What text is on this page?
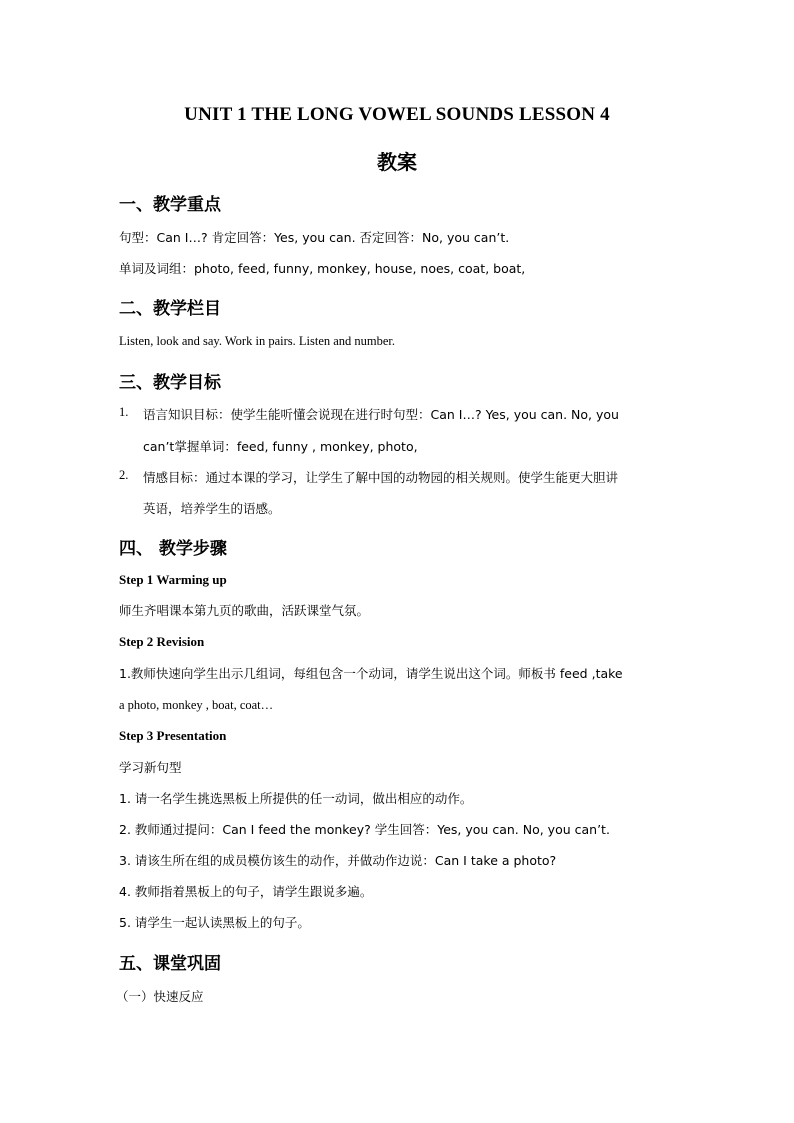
UNIT 1 THE LONG VOWEL SOUNDS LESSON 4
教案
一、教学重点
句型：Can I…? 肯定回答：Yes, you can. 否定回答：No, you can’t.
单词及词组：photo, feed, funny, monkey, house, noes, coat, boat,
二、教学栏目
Listen, look and say. Work in pairs. Listen and number.
三、教学目标
1. 语言知识目标：使学生能听懂会说现在进行时句型：Can I…? Yes, you can. No, you
can’t掌握单词：feed, funny , monkey, photo,
2. 情感目标：通过本课的学习，让学生了解中国的动物园的相关规则。使学生能更大胆讲
英语，培养学生的语感。
四、 教学步骤
Step 1 Warming up
师生齐唱课本第九页的歌曲，活跃课堂气氛。
Step 2 Revision
1.教师快速向学生出示几组词，每组包含一个动词，请学生说出这个词。师板书 feed ,take
a photo, monkey , boat, coat…
Step 3 Presentation
学习新句型
1. 请一名学生挑选黑板上所提供的任一动词，做出相应的动作。
2. 教师通过提问：Can I feed the monkey? 学生回答：Yes, you can. No, you can’t.
3. 请该生所在组的成员模仿该生的动作，并做动作边说：Can I take a photo?
4. 教师指着黑板上的句子，请学生跟说多遍。
5. 请学生一起认读黑板上的句子。
五、课堂巩固
（一）快速反应
